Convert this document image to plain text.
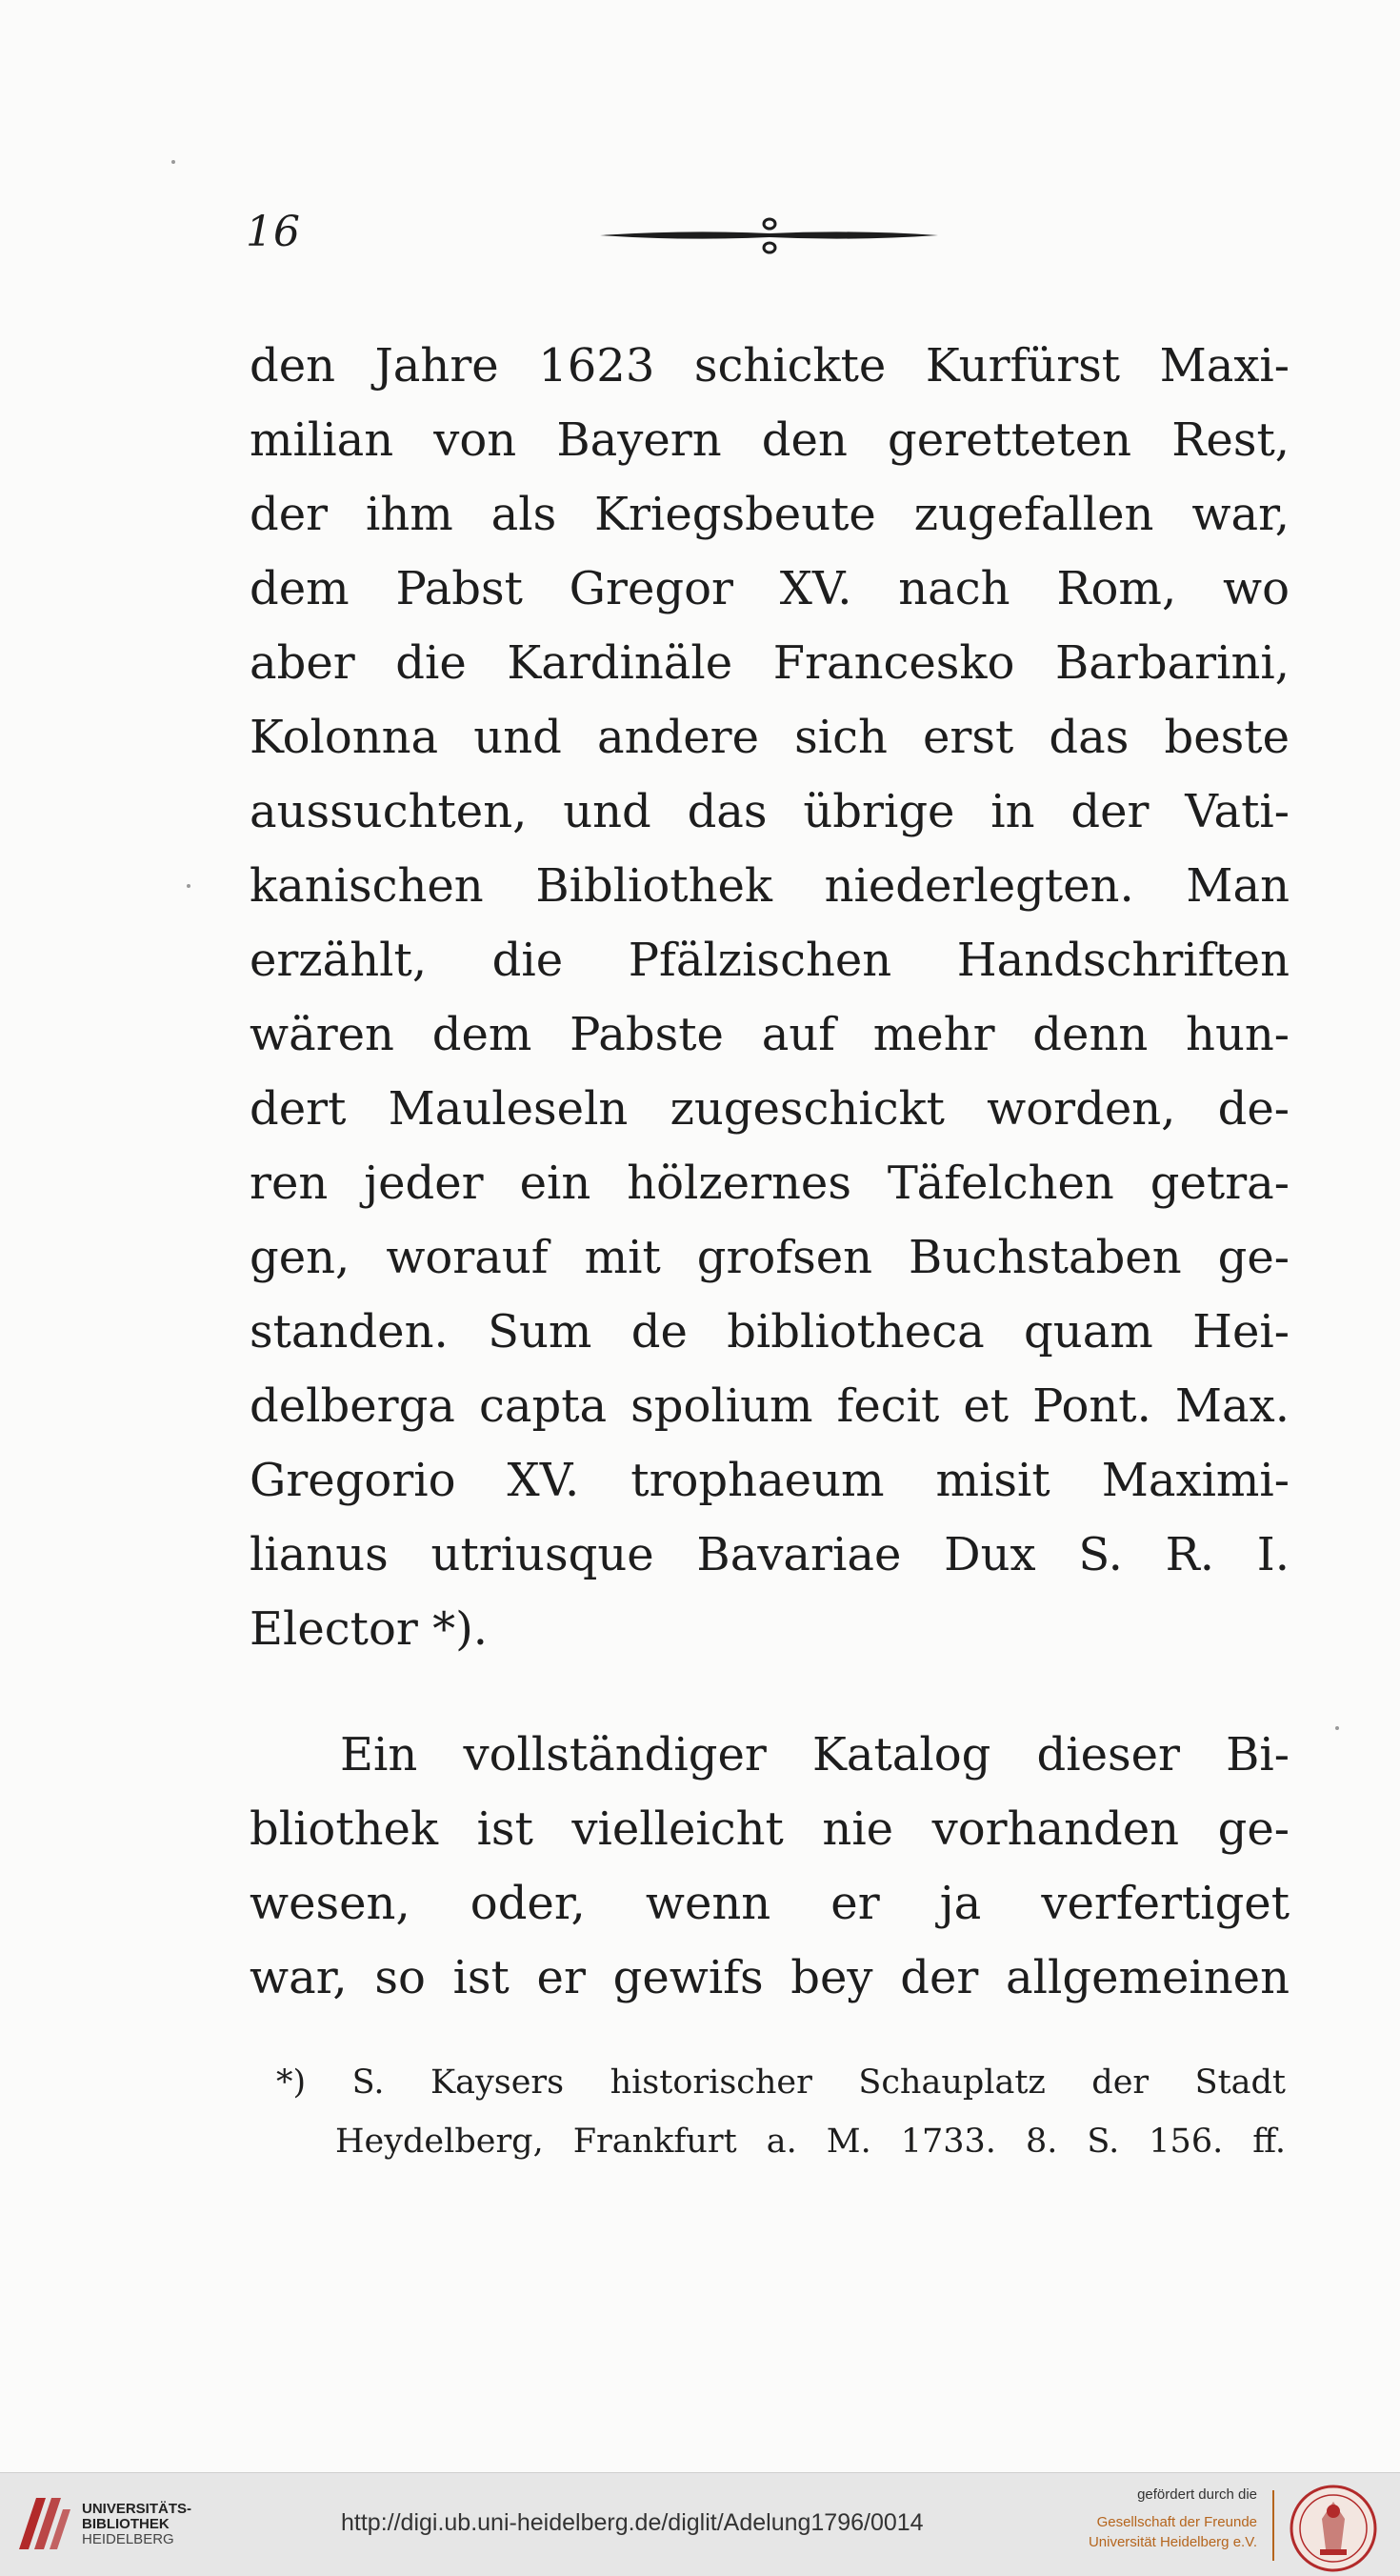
16
den Jahre 1623 schickte Kurfürst Maxi-
milian von Bayern den geretteten Rest,
der ihm als Kriegsbeute zugefallen war,
dem Pabst Gregor XV. nach Rom, wo
aber die Kardinäle Francesko Barbarini,
Kolonna und andere sich erst das beste
aussuchten, und das übrige in der Vati-
kanischen Bibliothek niederlegten. Man
erzählt, die Pfälzischen Handschriften
wären dem Pabste auf mehr denn hun-
dert Mauleseln zugeschickt worden, de-
ren jeder ein hölzernes Täfelchen getra-
gen, worauf mit grofsen Buchstaben ge-
standen. Sum de bibliotheca quam Hei-
delberga capta spolium fecit et Pont. Max.
Gregorio XV. trophaeum misit Maximi-
lianus utriusque Bavariae Dux S. R. I.
Elector *).
Ein vollständiger Katalog dieser Bi-
bliothek ist vielleicht nie vorhanden ge-
wesen, oder, wenn er ja verfertiget
war, so ist er gewifs bey der allgemeinen
*) S. Kaysers historischer Schauplatz der Stadt
Heydelberg, Frankfurt a. M. 1733. 8. S. 156. ff.
UNIVERSITÄTS-
BIBLIOTHEK
HEIDELBERG
http://digi.ub.uni-heidelberg.de/diglit/Adelung1796/0014
gefördert durch die
Gesellschaft der Freunde
Universität Heidelberg e.V.
